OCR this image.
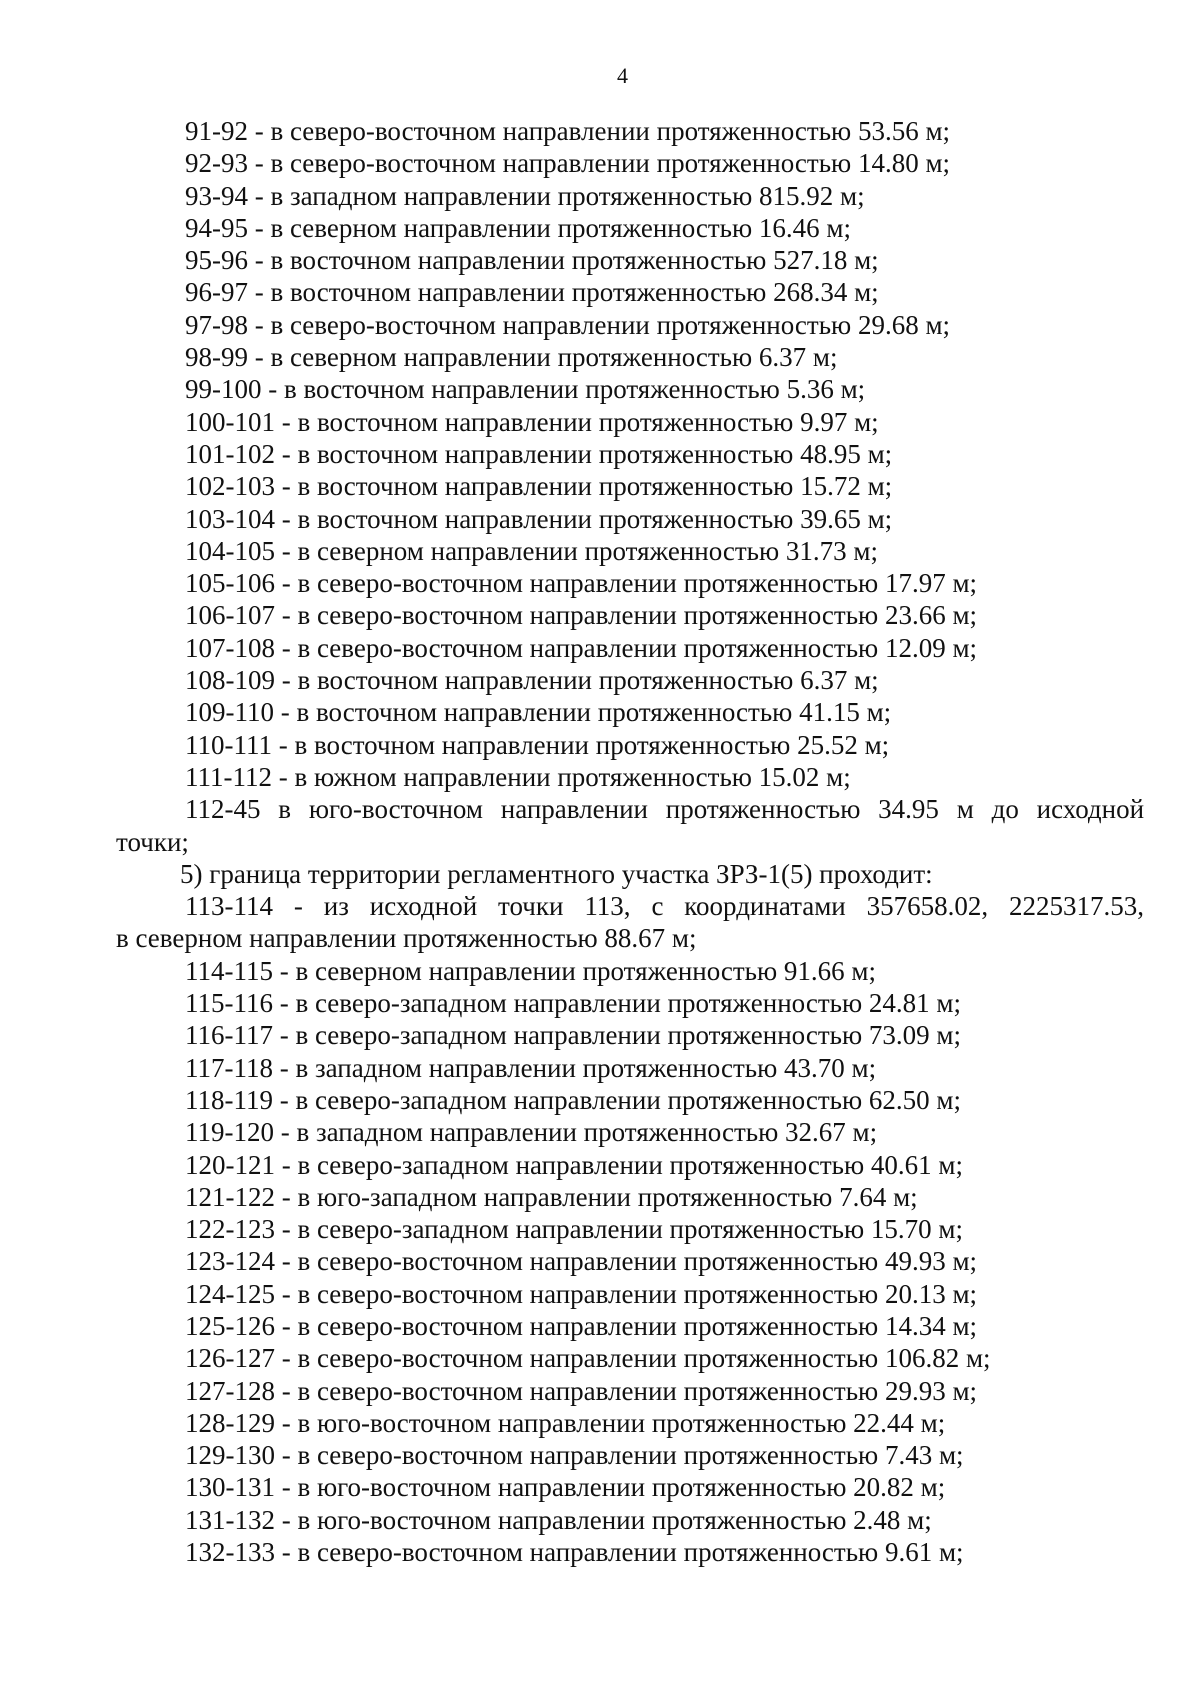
4
91-92 - в северо-восточном направлении протяженностью 53.56 м;
92-93 - в северо-восточном направлении протяженностью 14.80 м;
93-94 - в западном направлении протяженностью 815.92 м;
94-95 - в северном направлении протяженностью 16.46 м;
95-96 - в восточном направлении протяженностью 527.18 м;
96-97 - в восточном направлении протяженностью 268.34 м;
97-98 - в северо-восточном направлении протяженностью 29.68 м;
98-99 - в северном направлении протяженностью 6.37 м;
99-100 - в восточном направлении протяженностью 5.36 м;
100-101 - в восточном направлении протяженностью 9.97 м;
101-102 - в восточном направлении протяженностью 48.95 м;
102-103 - в восточном направлении протяженностью 15.72 м;
103-104 - в восточном направлении протяженностью 39.65 м;
104-105 - в северном направлении протяженностью 31.73 м;
105-106 - в северо-восточном направлении протяженностью 17.97 м;
106-107 - в северо-восточном направлении протяженностью 23.66 м;
107-108 - в северо-восточном направлении протяженностью 12.09 м;
108-109 - в восточном направлении протяженностью 6.37 м;
109-110 - в восточном направлении протяженностью 41.15 м;
110-111 - в восточном направлении протяженностью 25.52 м;
111-112 - в южном направлении протяженностью 15.02 м;
112-45 в юго-восточном направлении протяженностью 34.95 м до исходной
точки;
5) граница территории регламентного участка ЗРЗ-1(5) проходит:
113-114 - из исходной точки 113, с координатами 357658.02, 2225317.53,
в северном направлении протяженностью 88.67 м;
114-115 - в северном направлении протяженностью 91.66 м;
115-116 - в северо-западном направлении протяженностью 24.81 м;
116-117 - в северо-западном направлении протяженностью 73.09 м;
117-118 - в западном направлении протяженностью 43.70 м;
118-119 - в северо-западном направлении протяженностью 62.50 м;
119-120 - в западном направлении протяженностью 32.67 м;
120-121 - в северо-западном направлении протяженностью 40.61 м;
121-122 - в юго-западном направлении протяженностью 7.64 м;
122-123 - в северо-западном направлении протяженностью 15.70 м;
123-124 - в северо-восточном направлении протяженностью 49.93 м;
124-125 - в северо-восточном направлении протяженностью 20.13 м;
125-126 - в северо-восточном направлении протяженностью 14.34 м;
126-127 - в северо-восточном направлении протяженностью 106.82 м;
127-128 - в северо-восточном направлении протяженностью 29.93 м;
128-129 - в юго-восточном направлении протяженностью 22.44 м;
129-130 - в северо-восточном направлении протяженностью 7.43 м;
130-131 - в юго-восточном направлении протяженностью 20.82 м;
131-132 - в юго-восточном направлении протяженностью 2.48 м;
132-133 - в северо-восточном направлении протяженностью 9.61 м;
